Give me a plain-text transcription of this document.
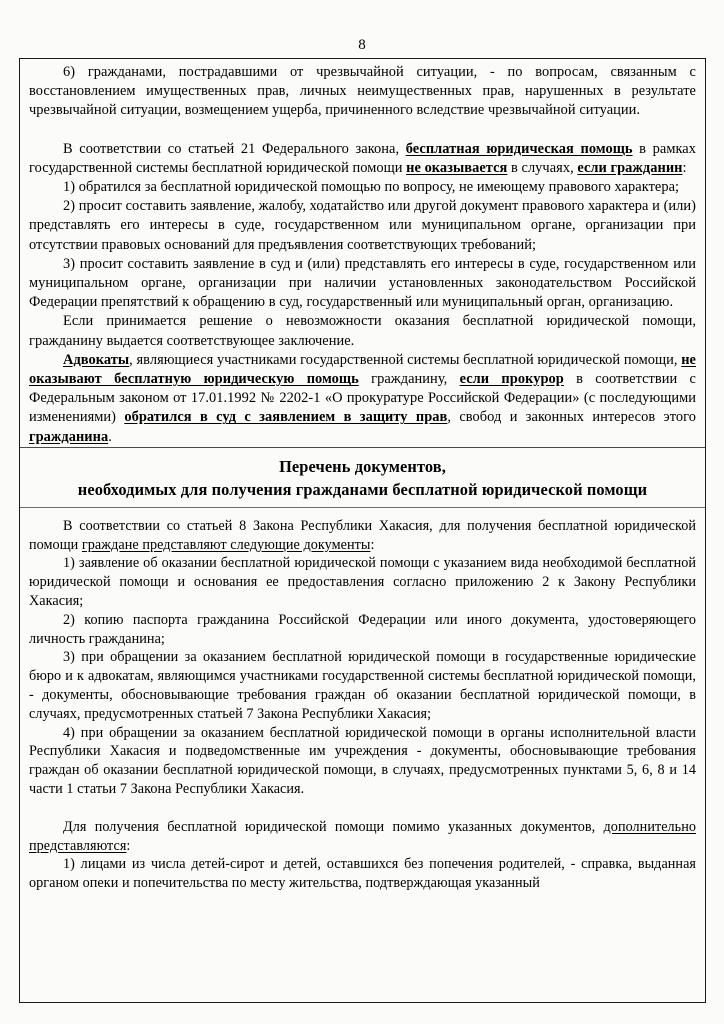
8

6) гражданами, пострадавшими от чрезвычайной ситуации, - по вопросам, связанным с восстановлением имущественных прав, личных неимущественных прав, нарушенных в результате чрезвычайной ситуации, возмещением ущерба, причиненного вследствие чрезвычайной ситуации.

В соответствии со статьей 21 Федерального закона, бесплатная юридическая помощь в рамках государственной системы бесплатной юридической помощи не оказывается в случаях, если гражданин:

1) обратился за бесплатной юридической помощью по вопросу, не имеющему правового характера;

2) просит составить заявление, жалобу, ходатайство или другой документ правового характера и (или) представлять его интересы в суде, государственном или муниципальном органе, организации при отсутствии правовых оснований для предъявления соответствующих требований;

3) просит составить заявление в суд и (или) представлять его интересы в суде, государственном или муниципальном органе, организации при наличии установленных законодательством Российской Федерации препятствий к обращению в суд, государственный или муниципальный орган, организацию.

Если принимается решение о невозможности оказания бесплатной юридической помощи, гражданину выдается соответствующее заключение.

Адвокаты, являющиеся участниками государственной системы бесплатной юридической помощи, не оказывают бесплатную юридическую помощь гражданину, если прокурор в соответствии с Федеральным законом от 17.01.1992 № 2202-1 «О прокуратуре Российской Федерации» (с последующими изменениями) обратился в суд с заявлением в защиту прав, свобод и законных интересов этого гражданина.

Перечень документов,
необходимых для получения гражданами бесплатной юридической помощи

В соответствии со статьей 8 Закона Республики Хакасия, для получения бесплатной юридической помощи граждане представляют следующие документы:

1) заявление об оказании бесплатной юридической помощи с указанием вида необходимой бесплатной юридической помощи и основания ее предоставления согласно приложению 2 к Закону Республики Хакасия;

2) копию паспорта гражданина Российской Федерации или иного документа, удостоверяющего личность гражданина;

3) при обращении за оказанием бесплатной юридической помощи в государственные юридические бюро и к адвокатам, являющимся участниками государственной системы бесплатной юридической помощи, - документы, обосновывающие требования граждан об оказании бесплатной юридической помощи, в случаях, предусмотренных статьей 7 Закона Республики Хакасия;

4) при обращении за оказанием бесплатной юридической помощи в органы исполнительной власти Республики Хакасия и подведомственные им учреждения - документы, обосновывающие требования граждан об оказании бесплатной юридической помощи, в случаях, предусмотренных пунктами 5, 6, 8 и 14 части 1 статьи 7 Закона Республики Хакасия.

Для получения бесплатной юридической помощи помимо указанных документов, дополнительно представляются:

1) лицами из числа детей-сирот и детей, оставшихся без попечения родителей, - справка, выданная органом опеки и попечительства по месту жительства, подтверждающая указанный
